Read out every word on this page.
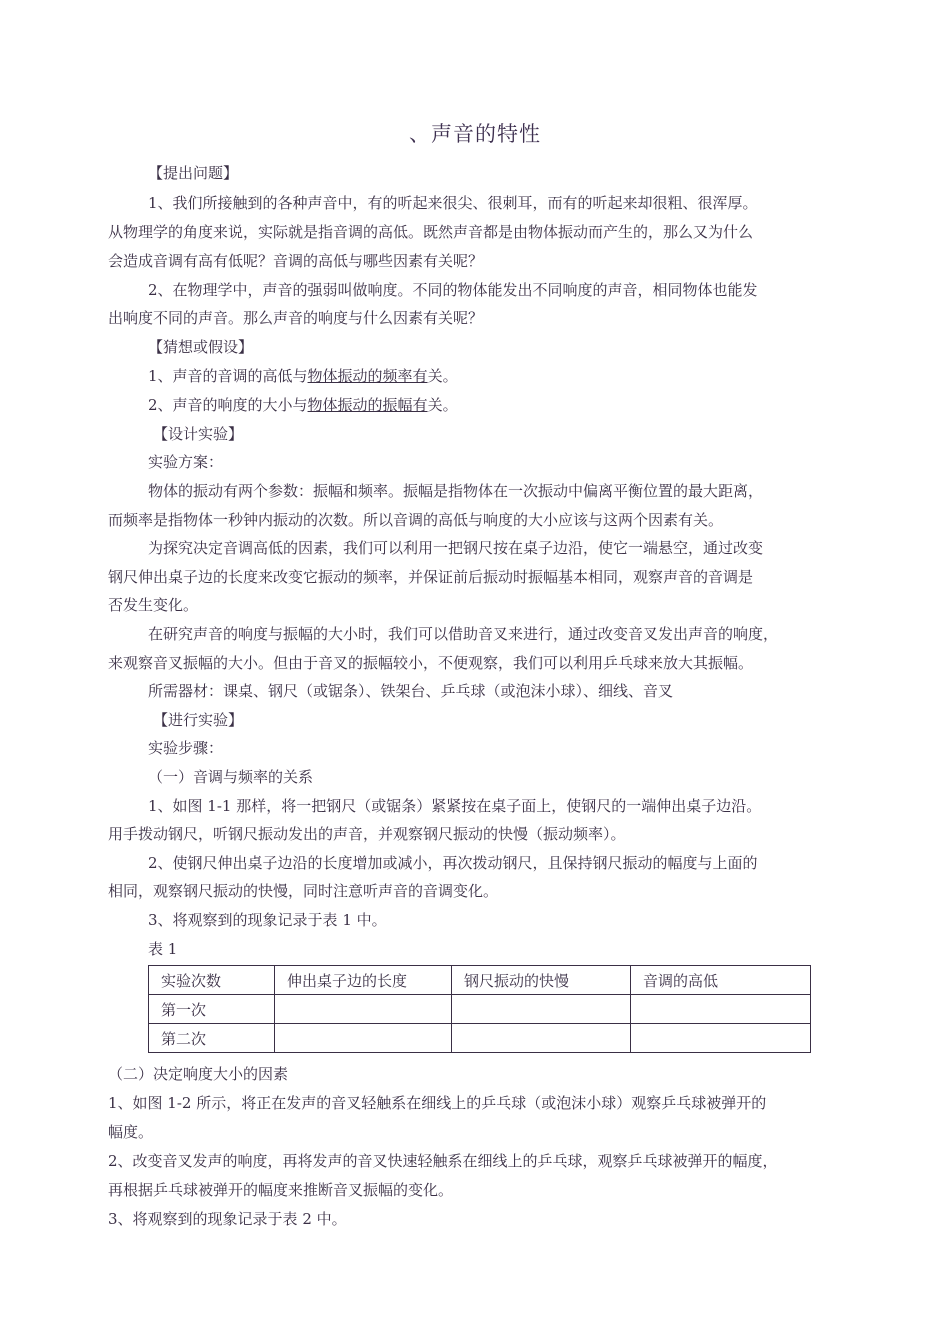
、声音的特性
【提出问题】
1、我们所接触到的各种声音中，有的听起来很尖、很刺耳，而有的听起来却很粗、很浑厚。
从物理学的角度来说，实际就是指音调的高低。既然声音都是由物体振动而产生的，那么又为什么
会造成音调有高有低呢？音调的高低与哪些因素有关呢？
2、在物理学中，声音的强弱叫做响度。不同的物体能发出不同响度的声音，相同物体也能发
出响度不同的声音。那么声音的响度与什么因素有关呢？
【猜想或假设】
1、声音的音调的高低与物体振动的频率有关。
2、声音的响度的大小与物体振动的振幅有关。
【设计实验】
实验方案：
物体的振动有两个参数：振幅和频率。振幅是指物体在一次振动中偏离平衡位置的最大距离，
而频率是指物体一秒钟内振动的次数。所以音调的高低与响度的大小应该与这两个因素有关。
为探究决定音调高低的因素，我们可以利用一把钢尺按在桌子边沿，使它一端悬空，通过改变
钢尺伸出桌子边的长度来改变它振动的频率，并保证前后振动时振幅基本相同，观察声音的音调是
否发生变化。
在研究声音的响度与振幅的大小时，我们可以借助音叉来进行，通过改变音叉发出声音的响度，
来观察音叉振幅的大小。但由于音叉的振幅较小，不便观察，我们可以利用乒乓球来放大其振幅。
所需器材：课桌、钢尺（或锯条）、铁架台、乒乓球（或泡沫小球）、细线、音叉
【进行实验】
实验步骤：
（一）音调与频率的关系
1、如图 1-1 那样，将一把钢尺（或锯条）紧紧按在桌子面上，使钢尺的一端伸出桌子边沿。
用手拨动钢尺，听钢尺振动发出的声音，并观察钢尺振动的快慢（振动频率）。
2、使钢尺伸出桌子边沿的长度增加或减小，再次拨动钢尺，且保持钢尺振动的幅度与上面的
相同，观察钢尺振动的快慢，同时注意听声音的音调变化。
3、将观察到的现象记录于表 1 中。
表 1
实验次数	伸出桌子边的长度	钢尺振动的快慢	音调的高低
第一次			
第二次			
（二）决定响度大小的因素
1、如图 1-2 所示，将正在发声的音叉轻触系在细线上的乒乓球（或泡沫小球）观察乒乓球被弹开的
幅度。
2、改变音叉发声的响度，再将发声的音叉快速轻触系在细线上的乒乓球，观察乒乓球被弹开的幅度，
再根据乒乓球被弹开的幅度来推断音叉振幅的变化。
3、将观察到的现象记录于表 2 中。
